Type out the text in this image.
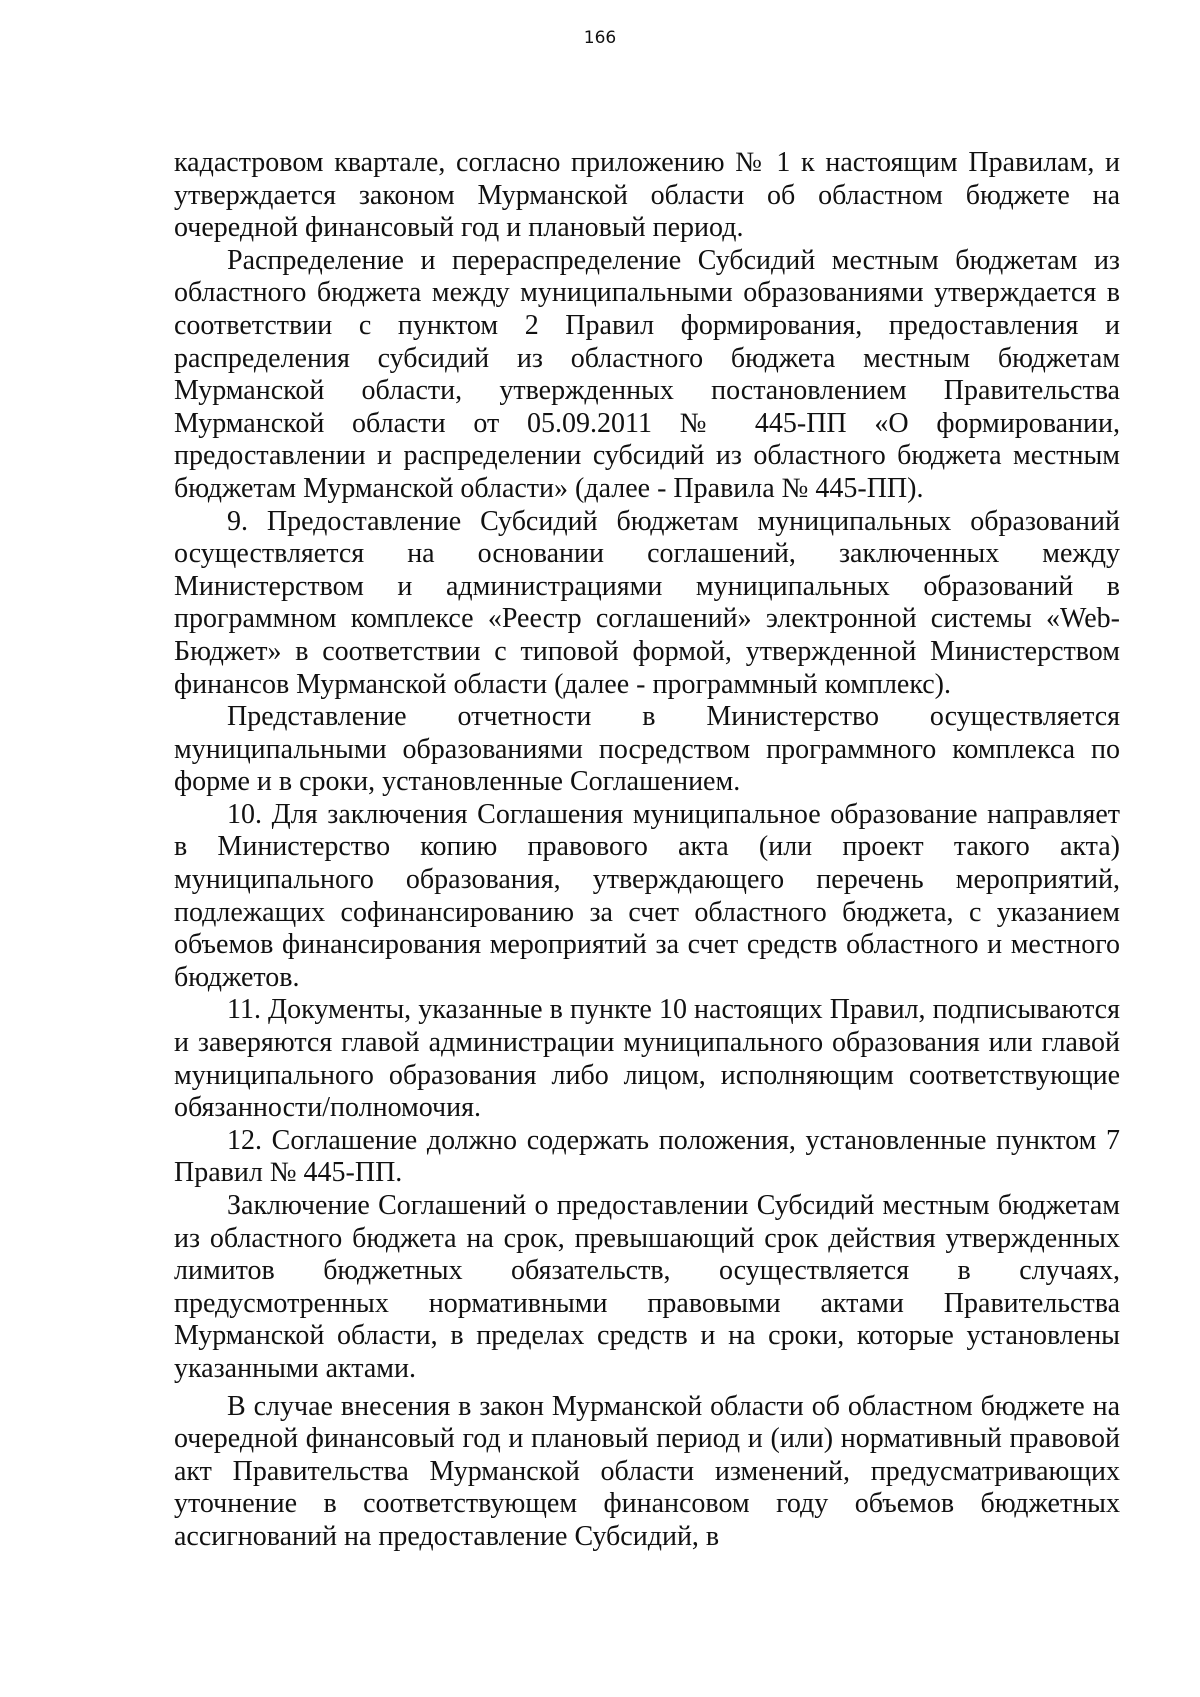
166

кадастровом квартале, согласно приложению № 1 к настоящим Правилам, и утверждается законом Мурманской области об областном бюджете на очередной финансовый год и плановый период.

Распределение и перераспределение Субсидий местным бюджетам из областного бюджета между муниципальными образованиями утверждается в соответствии с пунктом 2 Правил формирования, предоставления и распределения субсидий из областного бюджета местным бюджетам Мурманской области, утвержденных постановлением Правительства Мурманской области от 05.09.2011 № 445-ПП «О формировании, предоставлении и распределении субсидий из областного бюджета местным бюджетам Мурманской области» (далее - Правила № 445-ПП).

9. Предоставление Субсидий бюджетам муниципальных образований осуществляется на основании соглашений, заключенных между Министерством и администрациями муниципальных образований в программном комплексе «Реестр соглашений» электронной системы «Web-Бюджет» в соответствии с типовой формой, утвержденной Министерством финансов Мурманской области (далее - программный комплекс).

Представление отчетности в Министерство осуществляется муниципальными образованиями посредством программного комплекса по форме и в сроки, установленные Соглашением.

10. Для заключения Соглашения муниципальное образование направляет в Министерство копию правового акта (или проект такого акта) муниципального образования, утверждающего перечень мероприятий, подлежащих софинансированию за счет областного бюджета, с указанием объемов финансирования мероприятий за счет средств областного и местного бюджетов.

11. Документы, указанные в пункте 10 настоящих Правил, подписываются и заверяются главой администрации муниципального образования или главой муниципального образования либо лицом, исполняющим соответствующие обязанности/полномочия.

12. Соглашение должно содержать положения, установленные пунктом 7 Правил № 445-ПП.

Заключение Соглашений о предоставлении Субсидий местным бюджетам из областного бюджета на срок, превышающий срок действия утвержденных лимитов бюджетных обязательств, осуществляется в случаях, предусмотренных нормативными правовыми актами Правительства Мурманской области, в пределах средств и на сроки, которые установлены указанными актами.

В случае внесения в закон Мурманской области об областном бюджете на очередной финансовый год и плановый период и (или) нормативный правовой акт Правительства Мурманской области изменений, предусматривающих уточнение в соответствующем финансовом году объемов бюджетных ассигнований на предоставление Субсидий, в
